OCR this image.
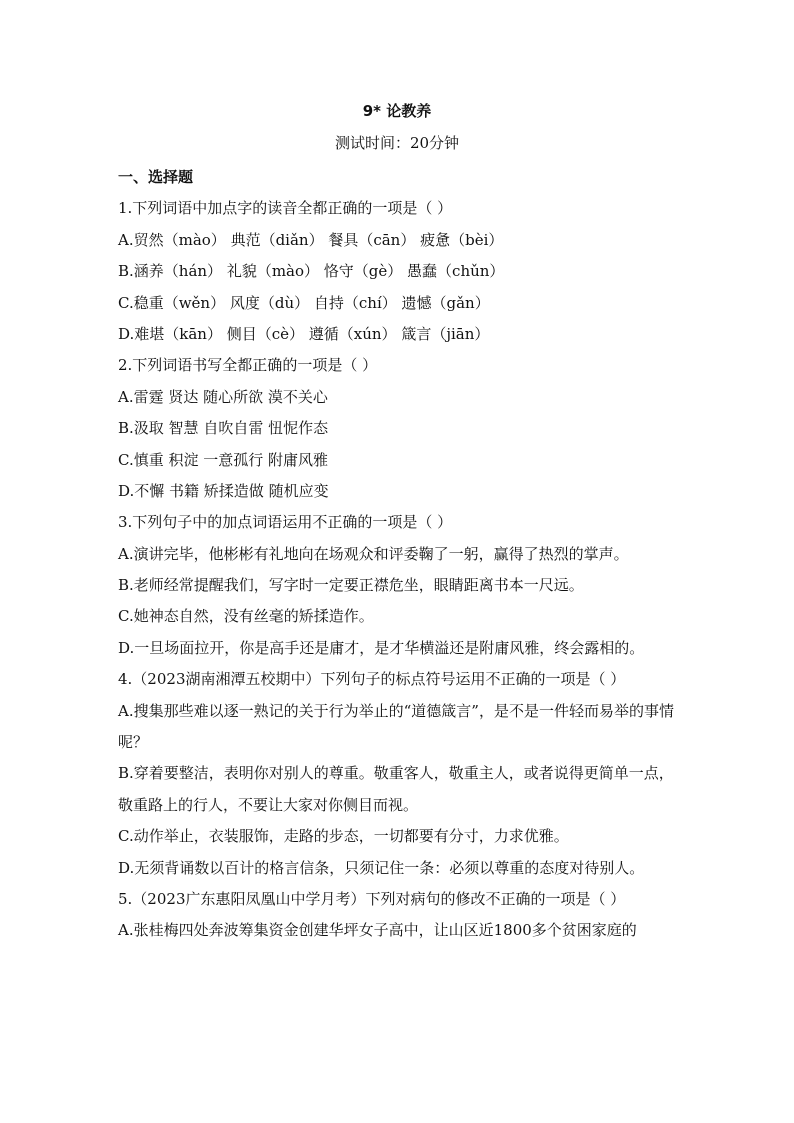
9* 论教养
测试时间：20分钟
一、选择题
1.下列词语中加点字的读音全都正确的一项是（ ）
A.贸然（mào） 典范（diǎn） 餐具（cān） 疲惫（bèi）
B.涵养（hán） 礼貌（mào） 恪守（gè） 愚蠢（chǔn）
C.稳重（wěn） 风度（dù） 自持（chí） 遗憾（gǎn）
D.难堪（kān） 侧目（cè） 遵循（xún） 箴言（jiān）
2.下列词语书写全都正确的一项是（ ）
A.雷霆 贤达 随心所欲 漠不关心
B.汲取 智慧 自吹自雷 忸怩作态
C.慎重 积淀 一意孤行 附庸风雅
D.不懈 书籍 矫揉造做 随机应变
3.下列句子中的加点词语运用不正确的一项是（ ）
A.演讲完毕，他彬彬有礼地向在场观众和评委鞠了一躬，赢得了热烈的掌声。
B.老师经常提醒我们，写字时一定要正襟危坐，眼睛距离书本一尺远。
C.她神态自然，没有丝毫的矫揉造作。
D.一旦场面拉开，你是高手还是庸才，是才华横溢还是附庸风雅，终会露相的。
4.（2023湖南湘潭五校期中）下列句子的标点符号运用不正确的一项是（ ）
A.搜集那些难以逐一熟记的关于行为举止的“道德箴言”，是不是一件轻而易举的事情呢？
B.穿着要整洁，表明你对别人的尊重。敬重客人，敬重主人，或者说得更简单一点，敬重路上的行人，不要让大家对你侧目而视。
C.动作举止，衣装服饰，走路的步态，一切都要有分寸，力求优雅。
D.无须背诵数以百计的格言信条，只须记住一条：必须以尊重的态度对待别人。
5.（2023广东惠阳凤凰山中学月考）下列对病句的修改不正确的一项是（ ）
A.张桂梅四处奔波筹集资金创建华坪女子高中，让山区近1800多个贫困家庭的
